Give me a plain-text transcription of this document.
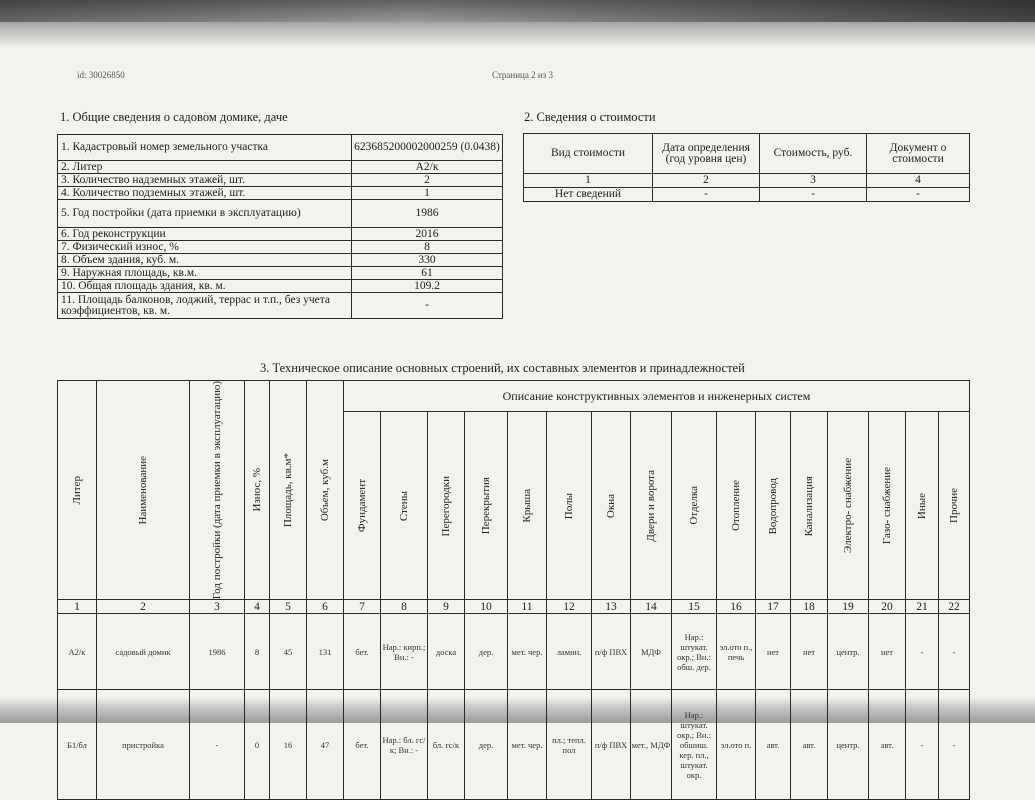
id: 30026850	Страница 2 из 3
1. Общие сведения о садовом домике, даче	2. Сведения о стоимости
1. Кадастровый номер земельного участка	623685200002000259 (0.0438)
2. Литер	А2/к
3. Количество надземных этажей, шт.	2
4. Количество подземных этажей, шт.	1
5. Год постройки (дата приемки в эксплуатацию)	1986
6. Год реконструкции	2016
7. Физический износ, %	8
8. Объем здания, куб. м.	330
9. Наружная площадь, кв.м.	61
10. Общая площадь здания, кв. м.	109.2
11. Площадь балконов, лоджий, террас и т.п., без учета коэффициентов, кв. м.	-
Вид стоимости	Дата определения (год уровня цен)	Стоимость, руб.	Документ о стоимости
1	2	3	4
Нет сведений	-	-	-
3. Техническое описание основных строений, их составных элементов и принадлежностей
Литер	Наименование	Год постройки (дата приемки в эксплуатацию)	Износ, %	Площадь, кв.м*	Объем, куб.м	Описание конструктивных элементов и инженерных систем															

						Фундамент	Стены	Перегородки	Перекрытия	Крыша	Полы	Окна	Двери и ворота	Отделка	Отопление	Водопровод	Канализация	Электро- снабжение	Газо- снабжение	Иные	Прочие

1	2	3	4	5	6	7	8	9	10	11	12	13	14	15	16	17	18	19	20	21	22
А2/к	садовый домик	1986	8	45	131	бет.	Нар.: кирп.; Вн.: -	доска	дер.	мет. чер.	ламин.	п/ф ПВХ	МДФ	Нар.: штукат. окр.; Вн.: обш. дер.	эл.ото п., печь	нет	нет	центр.	нет	-	-
Б1/бл	пристройка	-	0	16	47	бет.	Нар.: бл. гс/к; Вн.: -	бл. гс/к	дер.	мет. чер.	пл.; тепл. пол	п/ф ПВХ	мет., МДФ	Нар.: штукат. окр.; Вн.: обшиш. кер. пл., штукат. окр.	эл.ото п.	авт.	авт.	центр.	авт.	-	-
